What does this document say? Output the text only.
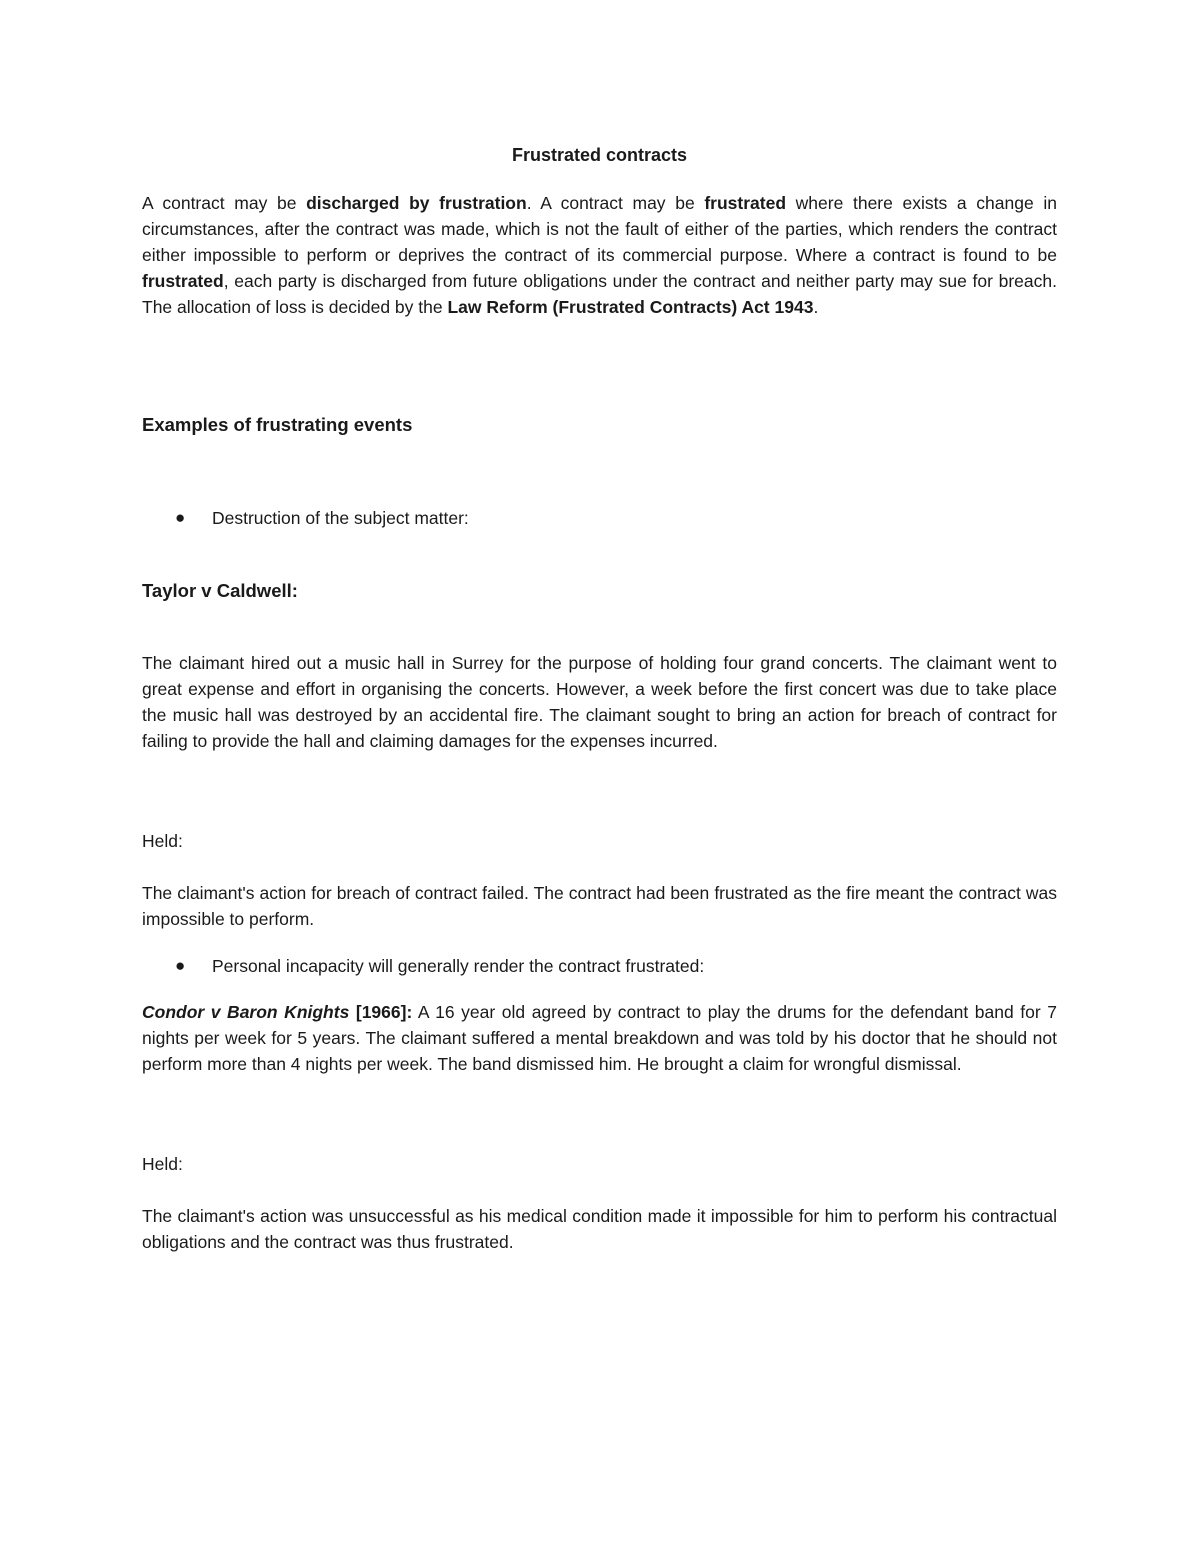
Frustrated contracts
A contract may be discharged by frustration. A contract may be frustrated where there exists a change in circumstances, after the contract was made, which is not the fault of either of the parties, which renders the contract either impossible to perform or deprives the contract of its commercial purpose. Where a contract is found to be frustrated, each party is discharged from future obligations under the contract and neither party may sue for breach. The allocation of loss is decided by the Law Reform (Frustrated Contracts) Act 1943.
Examples of frustrating events
● Destruction of the subject matter:
Taylor v Caldwell:
The claimant hired out a music hall in Surrey for the purpose of holding four grand concerts. The claimant went to great expense and effort in organising the concerts. However, a week before the first concert was due to take place the music hall was destroyed by an accidental fire. The claimant sought to bring an action for breach of contract for failing to provide the hall and claiming damages for the expenses incurred.
Held:
The claimant's action for breach of contract failed. The contract had been frustrated as the fire meant the contract was impossible to perform.
● Personal incapacity will generally render the contract frustrated:
Condor v Baron Knights [1966]: A 16 year old agreed by contract to play the drums for the defendant band for 7 nights per week for 5 years. The claimant suffered a mental breakdown and was told by his doctor that he should not perform more than 4 nights per week. The band dismissed him. He brought a claim for wrongful dismissal.
Held:
The claimant's action was unsuccessful as his medical condition made it impossible for him to perform his contractual obligations and the contract was thus frustrated.
